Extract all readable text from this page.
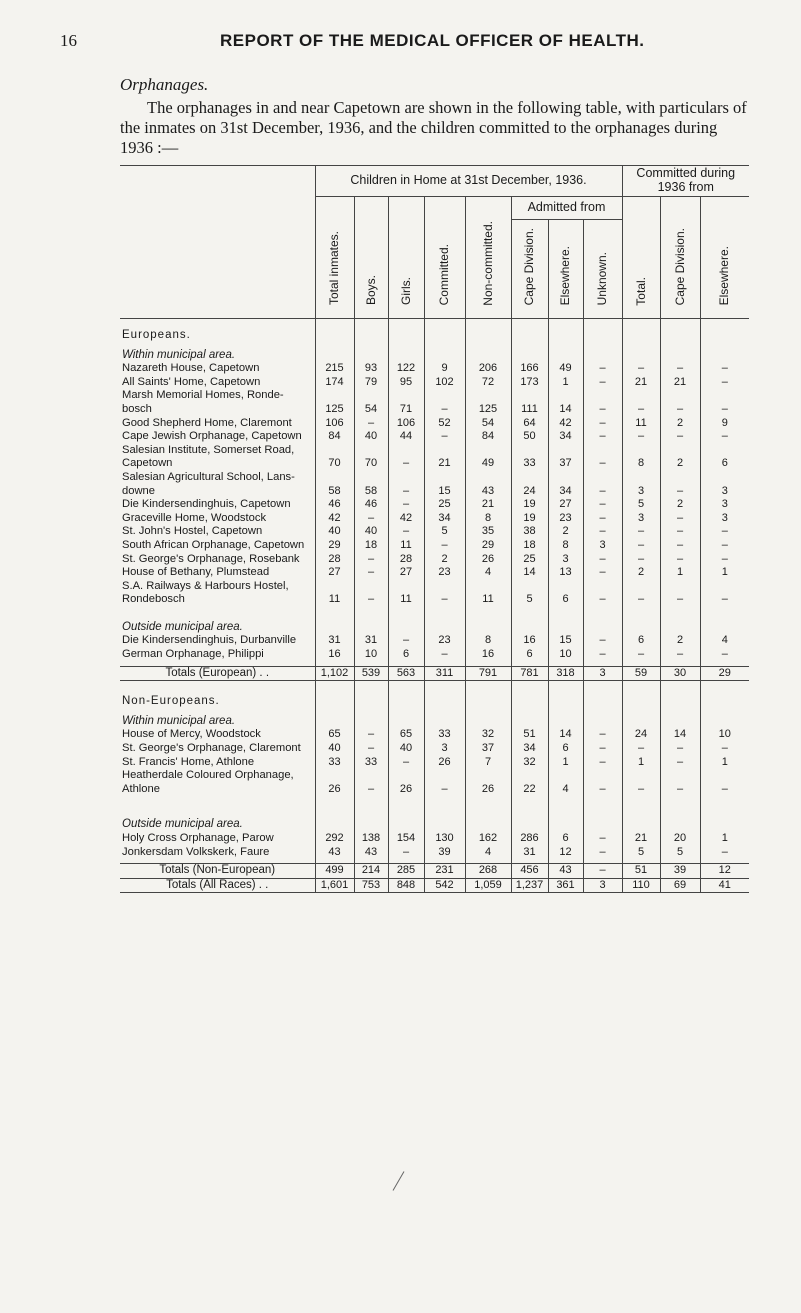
16	REPORT OF THE MEDICAL OFFICER OF HEALTH.
Orphanages.

The orphanages in and near Capetown are shown in the following table, with particulars of the inmates on 31st December, 1936, and the children committed to the orphanages during 1936 :—

	Children in Home at 31st December, 1936.								Committed during 1936 from		
	Total inmates.	Boys.	Girls.	Committed.	Non-committed.	Admitted from			Total.	Cape Division.	Elsewhere.
						Cape Division.	Elsewhere.	Unknown.			

Europeans.											

Within municipal area.											
Nazareth House, Capetown	215	93	122	9	206	166	49	–	–	–	–
All Saints' Home, Capetown	174	79	95	102	72	173	1	–	21	21	–

Marsh Memorial Homes, Ronde-
bosch	125	54	71	–	125	111	14	–	–	–	–
Good Shepherd Home, Claremont	106	–	106	52	54	64	42	–	11	2	9
Cape Jewish Orphanage, Capetown	84	40	44	–	84	50	34	–	–	–	–

Salesian Institute, Somerset Road,
Capetown	70	70	–	21	49	33	37	–	8	2	6

Salesian Agricultural School, Lans-
downe	58	58	–	15	43	24	34	–	3	–	3
Die Kindersendinghuis, Capetown	46	46	–	25	21	19	27	–	5	2	3
Graceville Home, Woodstock	42	–	42	34	8	19	23	–	3	–	3
St. John's Hostel, Capetown	40	40	–	5	35	38	2	–	–	–	–
South African Orphanage, Capetown	29	18	11	–	29	18	8	3	–	–	–
St. George's Orphanage, Rosebank	28	–	28	2	26	25	3	–	–	–	–
House of Bethany, Plumstead	27	–	27	23	4	14	13	–	2	1	1

S.A. Railways & Harbours Hostel,
Rondebosch	11	–	11	–	11	5	6	–	–	–	–

Outside municipal area.											
Die Kindersendinghuis, Durbanville	31	31	–	23	8	16	15	–	6	2	4
German Orphanage, Philippi	16	10	6	–	16	6	10	–	–	–	–

Totals (European) . .	1,102	539	563	311	791	781	318	3	59	30	29

Non-Europeans.											

Within municipal area.											
House of Mercy, Woodstock	65	–	65	33	32	51	14	–	24	14	10
St. George's Orphanage, Claremont	40	–	40	3	37	34	6	–	–	–	–
St. Francis' Home, Athlone	33	33	–	26	7	32	1	–	1	–	1

Heatherdale Coloured Orphanage,
Athlone	26	–	26	–	26	22	4	–	–	–	–

Outside municipal area.											
Holy Cross Orphanage, Parow	292	138	154	130	162	286	6	–	21	20	1
Jonkersdam Volkskerk, Faure	43	43	–	39	4	31	12	–	5	5	–

Totals (Non-European)	499	214	285	231	268	456	43	–	51	39	12
Totals (All Races) . .	1,601	753	848	542	1,059	1,237	361	3	110	69	41
